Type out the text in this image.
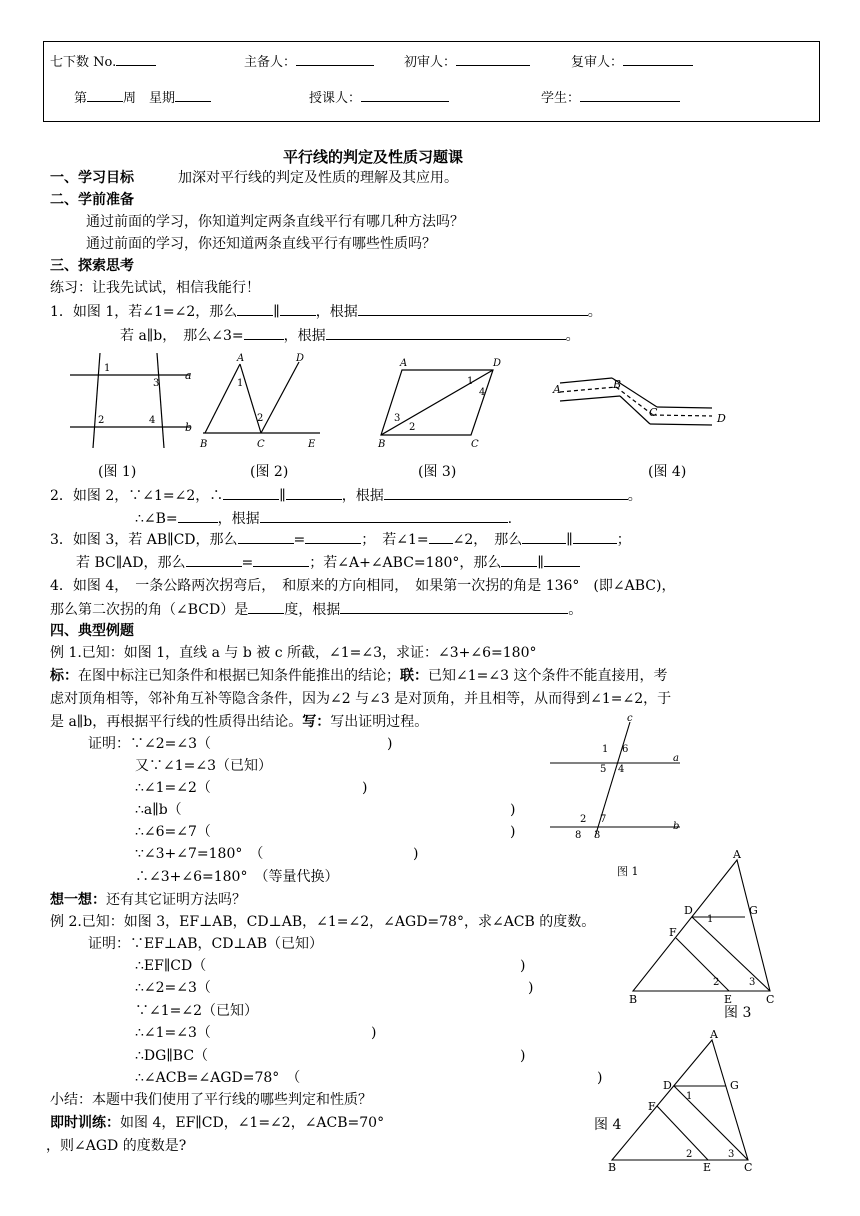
七下数 No.	主备人：	初审人：	复审人：
第	周　星期	授课人：	学生：
平行线的判定及性质习题课
一、学习目标	加深对平行线的判定及性质的理解及其应用。
二、学前准备
通过前面的学习，你知道判定两条直线平行有哪几种方法吗？
通过前面的学习，你还知道两条直线平行有哪些性质吗？
三、探索思考
练习：让我先试试，相信我能行！
1．如图 1，若∠1=∠2，那么	∥	，根据	。
若 a∥b，　那么∠3=	，根据	。
1
3
a
2	4
b
A	D
1
2
B	C	E
A	D
1
4
3
2
B	C
A	B
C	D
(图 1)	(图 2)	(图 3)	(图 4)
2．如图 2，∵∠1=∠2，∴	∥	，根据	。
∴∠B=	，根据	.
3．如图 3，若 AB∥CD，那么	=	；　若∠1= ∠2，　那么	∥	；
若 BC∥AD，那么	=	；若∠A+∠ABC=180°，那么	∥
4．如图 4，　一条公路两次拐弯后，　和原来的方向相同，　如果第一次拐的角是 136°　(即∠ABC)，
那么第二次拐的角（∠BCD）是	度，根据	。
四、典型例题
例 1.已知：如图 1，直线 a 与 b 被 c 所截，∠1=∠3，求证：∠3+∠6=180°
标：在图中标注已知条件和根据已知条件能推出的结论；联：已知∠1=∠3 这个条件不能直接用，考
虑对顶角相等，邻补角互补等隐含条件，因为∠2 与∠3 是对顶角，并且相等，从而得到∠1=∠2，于
是 a∥b，再根据平行线的性质得出结论。写：写出证明过程。
证明：∵∠2=∠3（	)
又∵∠1=∠3（已知）
∴∠1=∠2（	)
∴a∥b（	)
∴∠6=∠7（	)
∵∠3+∠7=180°　（	)
∴∠3+∠6=180°　（等量代换）
c
1 6
5 4
a
2 7
8 3
b
图 1
想一想：还有其它证明方法吗？
例 2.已知：如图 3，EF⊥AB，CD⊥AB，∠1=∠2，∠AGD=78°，求∠ACB 的度数。
证明：∵EF⊥AB，CD⊥AB（已知）
∴EF∥CD（	)
∴∠2=∠3（	)
∵∠1=∠2（已知）
∴∠1=∠3（	)
∴DG∥BC（	)
∴∠ACB=∠AGD=78°　（	)
A
D	G
1
F
2	3
B	E	C
图 3
小结：本题中我们使用了平行线的哪些判定和性质？
即时训练：如图 4，EF∥CD，∠1=∠2，∠ACB=70°	图 4
，则∠AGD 的度数是?
A
D	G
1
F
2	3
B	E	C
